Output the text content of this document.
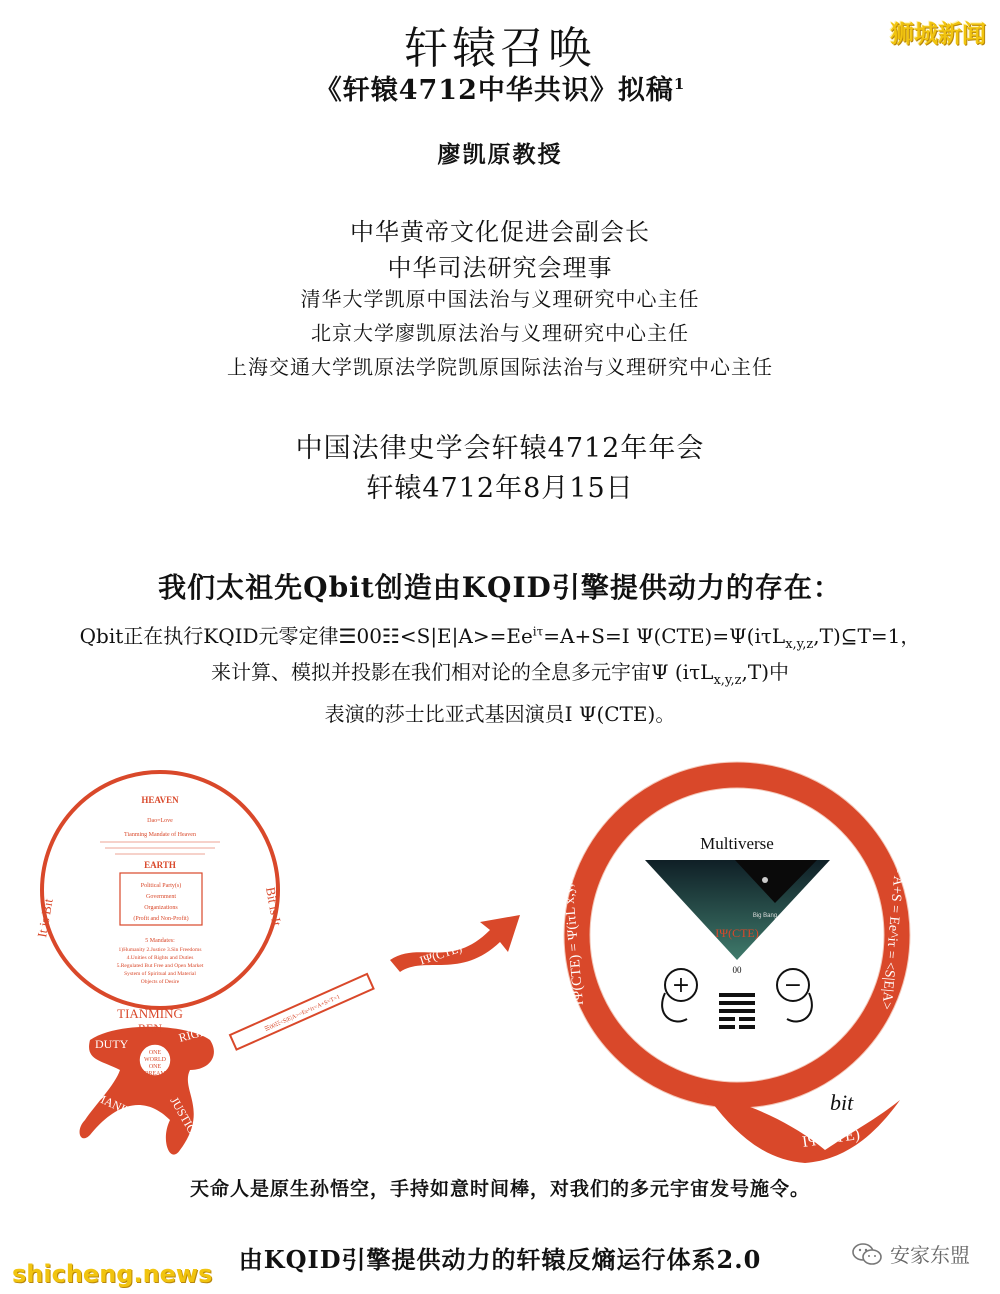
轩辕召唤
《轩辕4712中华共识》拟稿$^1$
廖凯原教授
中华黄帝文化促进会副会长
中华司法研究会理事
清华大学凯原中国法治与义理研究中心主任
北京大学廖凯原法治与义理研究中心主任
上海交通大学凯原法学院凯原国际法治与义理研究中心主任
中国法律史学会轩辕4712年年会
轩辕4712年8月15日
我们太祖先Qbit创造由KQID引擎提供动力的存在：
Qbit正在执行KQID元零定律$☰00☷<S|E|A>=Ee^{i\tau}=A+S=I$ Ψ(CTE)=Ψ(iτL$_{x,y,z}$,T)⊆T=1，
来计算、模拟并投影在我们相对论的全息多元宇宙Ψ (iτL$_{x,y,z}$,T)中
表演的莎士比亚式基因演员I Ψ(CTE)。
HEAVEN
Dao=Love
Tianming Mandate of Heaven
EARTH
Political Party(s)
Government
Organizations
(Profit and Non-Profit)
5 Mandates:
1)Humanity 2.Justice 3.Sin Freedoms
4.Unities of Rights and Duties
5.Regulated But Free and Open Market
System of Spiritual and Material
Objects of Desire
It is Bit	Bit is It
☰00☷<S|E|A>=Ee^iτ=A+S=T=1
ONE
WORLD
ONE
DREAM
TIANMING
REN
DUTY	RIGHT
HUMANITY JUSTICE
IΨ(CTE)
kqid = (θ−θ) · kqid = kθln2 · h/τ = mc² + pc
≡ 00 ☷ · T = 1
IΨ(CTE) = Ψ(iτL x,y,z, T) ⊆	= A+S = Ee^iτ = <S|E|A>
Multiverse
Big Bang
IΨ(CTE)
00
+	−
bit
IΨ(CTE)
天命人是原生孙悟空，手持如意时间棒，对我们的多元宇宙发号施令。
由KQID引擎提供动力的轩辕反熵运行体系2.0
狮城新闻
shicheng.news
安家东盟
